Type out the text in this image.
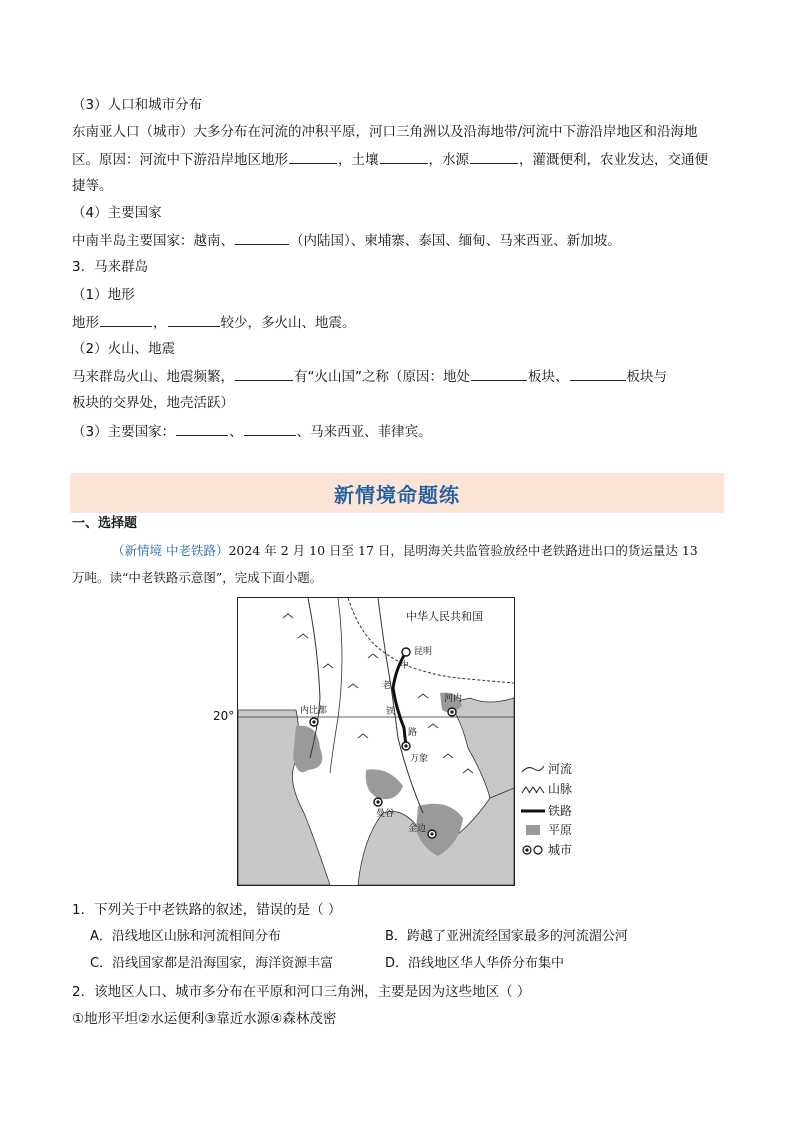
（3）人口和城市分布
东南亚人口（城市）大多分布在河流的冲积平原，河口三角洲以及沿海地带/河流中下游沿岸地区和沿海地
区。原因：河流中下游沿岸地区地形	，土壤	，水源	，灌溉便利，农业发达，交通便
捷等。
（4）主要国家
中南半岛主要国家：越南、	（内陆国）、柬埔寨、泰国、缅甸、马来西亚、新加坡。
3．马来群岛
（1）地形
地形	，	较少，多火山、地震。
（2）火山、地震
马来群岛火山、地震频繁，	有“火山国”之称（原因：地处	板块、	板块与
板块的交界处，地壳活跃）
（3）主要国家：	、	、马来西亚、菲律宾。
新情境命题练
一、选择题
（新情境 中老铁路）2024 年 2 月 10 日至 17 日，昆明海关共监管验放经中老铁路进出口的货运量达 13
万吨。读“中老铁路示意图”，完成下面小题。
20°
中华人民共和国
昆明
河内
内比都
万象
曼谷
金边
中
老
铁
路
河流
山脉
铁路
平原
城市
1．下列关于中老铁路的叙述，错误的是（ ）
A．沿线地区山脉和河流相间分布	B．跨越了亚洲流经国家最多的河流湄公河
C．沿线国家都是沿海国家，海洋资源丰富	D．沿线地区华人华侨分布集中
2．该地区人口、城市多分布在平原和河口三角洲，主要是因为这些地区（ ）
①地形平坦②水运便利③靠近水源④森林茂密
